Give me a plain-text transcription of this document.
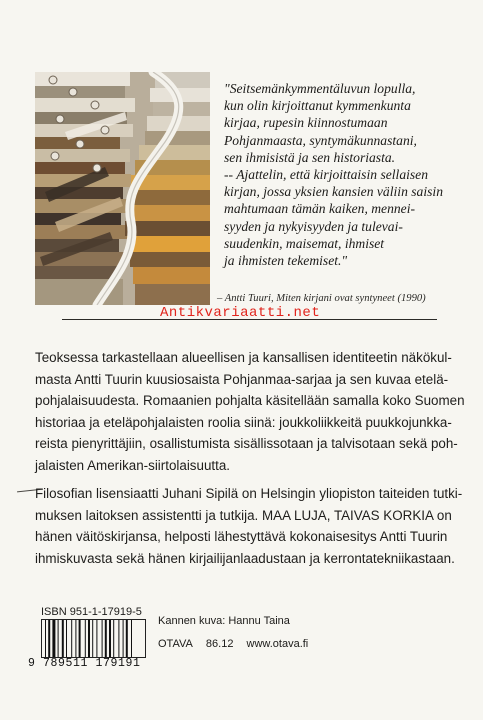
"Seitsemänkymmentäluvun lopulla,
kun olin kirjoittanut kymmenkunta
kirjaa, rupesin kiinnostumaan
Pohjanmaasta, syntymäkunnastani,
sen ihmisistä ja sen historiasta.
-- Ajattelin, että kirjoittaisin sellaisen
kirjan, jossa yksien kansien väliin saisin
mahtumaan tämän kaiken, mennei-
syyden ja nykyisyyden ja tulevai-
suudenkin, maisemat, ihmiset
ja ihmisten tekemiset."

– Antti Tuuri, Miten kirjani ovat syntyneet (1990)
Antikvariaatti.net

Teoksessa tarkastellaan alueellisen ja kansallisen identiteetin näkökul-
masta Antti Tuurin kuusiosaista Pohjanmaa-sarjaa ja sen kuvaa etelä-
pohjalaisuudesta. Romaanien pohjalta käsitellään samalla koko Suomen
historiaa ja eteläpohjalaisten roolia siinä: joukkoliikkeitä puukkojunkka-
reista pienyrittäjiin, osallistumista sisällissotaan ja talvisotaan sekä poh-
jalaisten Amerikan-siirtolaisuutta.

Filosofian lisensiaatti Juhani Sipilä on Helsingin yliopiston taiteiden tutki-
muksen laitoksen assistentti ja tutkija. MAA LUJA, TAIVAS KORKIA on
hänen väitöskirjansa, helposti lähestyttävä kokonaisesitys Antti Tuurin
ihmiskuvasta sekä hänen kirjailijanlaadustaan ja kerrontatekniikastaan.

ISBN 951-1-17919-5
9 789511 179191
Kannen kuva: Hannu Taina
OTAVA 86.12 www.otava.fi
